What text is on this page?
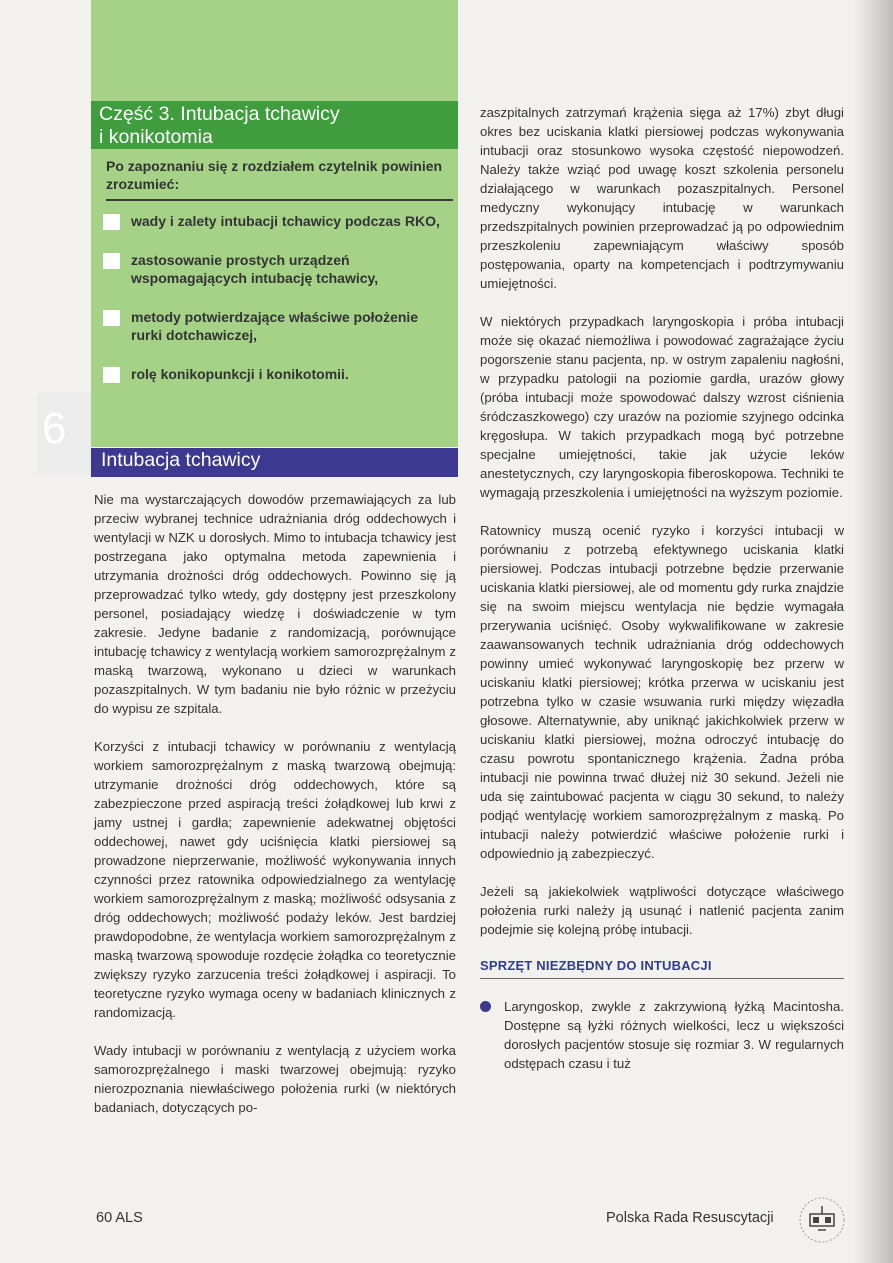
Część 3. Intubacja tchawicy
i konikotomia
Po zapoznaniu się z rozdziałem czytelnik powinien zrozumieć:
wady i zalety intubacji tchawicy podczas RKO,
zastosowanie prostych urządzeń wspomagających intubację tchawicy,
metody potwierdzające właściwe położenie rurki dotchawiczej,
rolę konikopunkcji i konikotomii.
6
Intubacja tchawicy

Nie ma wystarczających dowodów przemawiających za lub przeciw wybranej technice udrażniania dróg oddechowych i wentylacji w NZK u dorosłych. Mimo to intubacja tchawicy jest postrzegana jako optymalna metoda zapewnienia i utrzymania drożności dróg oddechowych. Powinno się ją przeprowadzać tylko wtedy, gdy dostępny jest przeszkolony personel, posiadający wiedzę i doświadczenie w tym zakresie. Jedyne badanie z randomizacją, porównujące intubację tchawicy z wentylacją workiem samorozprężalnym z maską twarzową, wykonano u dzieci w warunkach pozaszpitalnych. W tym badaniu nie było różnic w przeżyciu do wypisu ze szpitala.

Korzyści z intubacji tchawicy w porównaniu z wentylacją workiem samorozprężalnym z maską twarzową obejmują: utrzymanie drożności dróg oddechowych, które są zabezpieczone przed aspiracją treści żołądkowej lub krwi z jamy ustnej i gardła; zapewnienie adekwatnej objętości oddechowej, nawet gdy uciśnięcia klatki piersiowej są prowadzone nieprzerwanie, możliwość wykonywania innych czynności przez ratownika odpowiedzialnego za wentylację workiem samorozprężalnym z maską; możliwość odsysania z dróg oddechowych; możliwość podaży leków. Jest bardziej prawdopodobne, że wentylacja workiem samorozprężalnym z maską twarzową spowoduje rozdęcie żołądka co teoretycznie zwiększy ryzyko zarzucenia treści żołądkowej i aspiracji. To teoretyczne ryzyko wymaga oceny w badaniach klinicznych z randomizacją.

Wady intubacji w porównaniu z wentylacją z użyciem worka samorozprężalnego i maski twarzowej obejmują: ryzyko nierozpoznania niewłaściwego położenia rurki (w niektórych badaniach, dotyczących po-

zaszpitalnych zatrzymań krążenia sięga aż 17%) zbyt długi okres bez uciskania klatki piersiowej podczas wykonywania intubacji oraz stosunkowo wysoka częstość niepowodzeń. Należy także wziąć pod uwagę koszt szkolenia personelu działającego w warunkach pozaszpitalnych. Personel medyczny wykonujący intubację w warunkach przedszpitalnych powinien przeprowadzać ją po odpowiednim przeszkoleniu zapewniającym właściwy sposób postępowania, oparty na kompetencjach i podtrzymywaniu umiejętności.

W niektórych przypadkach laryngoskopia i próba intubacji może się okazać niemożliwa i powodować zagrażające życiu pogorszenie stanu pacjenta, np. w ostrym zapaleniu nagłośni, w przypadku patologii na poziomie gardła, urazów głowy (próba intubacji może spowodować dalszy wzrost ciśnienia śródczaszkowego) czy urazów na poziomie szyjnego odcinka kręgosłupa. W takich przypadkach mogą być potrzebne specjalne umiejętności, takie jak użycie leków anestetycznych, czy laryngoskopia fiberoskopowa. Techniki te wymagają przeszkolenia i umiejętności na wyższym poziomie.

Ratownicy muszą ocenić ryzyko i korzyści intubacji w porównaniu z potrzebą efektywnego uciskania klatki piersiowej. Podczas intubacji potrzebne będzie przerwanie uciskania klatki piersiowej, ale od momentu gdy rurka znajdzie się na swoim miejscu wentylacja nie będzie wymagała przerywania uciśnięć. Osoby wykwalifikowane w zakresie zaawansowanych technik udrażniania dróg oddechowych powinny umieć wykonywać laryngoskopię bez przerw w uciskaniu klatki piersiowej; krótka przerwa w uciskaniu jest potrzebna tylko w czasie wsuwania rurki między więzadła głosowe. Alternatywnie, aby uniknąć jakichkolwiek przerw w uciskaniu klatki piersiowej, można odroczyć intubację do czasu powrotu spontanicznego krążenia. Żadna próba intubacji nie powinna trwać dłużej niż 30 sekund. Jeżeli nie uda się zaintubować pacjenta w ciągu 30 sekund, to należy podjąć wentylację workiem samorozprężalnym z maską. Po intubacji należy potwierdzić właściwe położenie rurki i odpowiednio ją zabezpieczyć.

Jeżeli są jakiekolwiek wątpliwości dotyczące właściwego położenia rurki należy ją usunąć i natlenić pacjenta zanim podejmie się kolejną próbę intubacji.

SPRZĘT NIEZBĘDNY DO INTUBACJI
Laryngoskop, zwykle z zakrzywioną łyżką Macintosha. Dostępne są łyżki różnych wielkości, lecz u większości dorosłych pacjentów stosuje się rozmiar 3. W regularnych odstępach czasu i tuż
60 ALS	Polska Rada Resuscytacji
